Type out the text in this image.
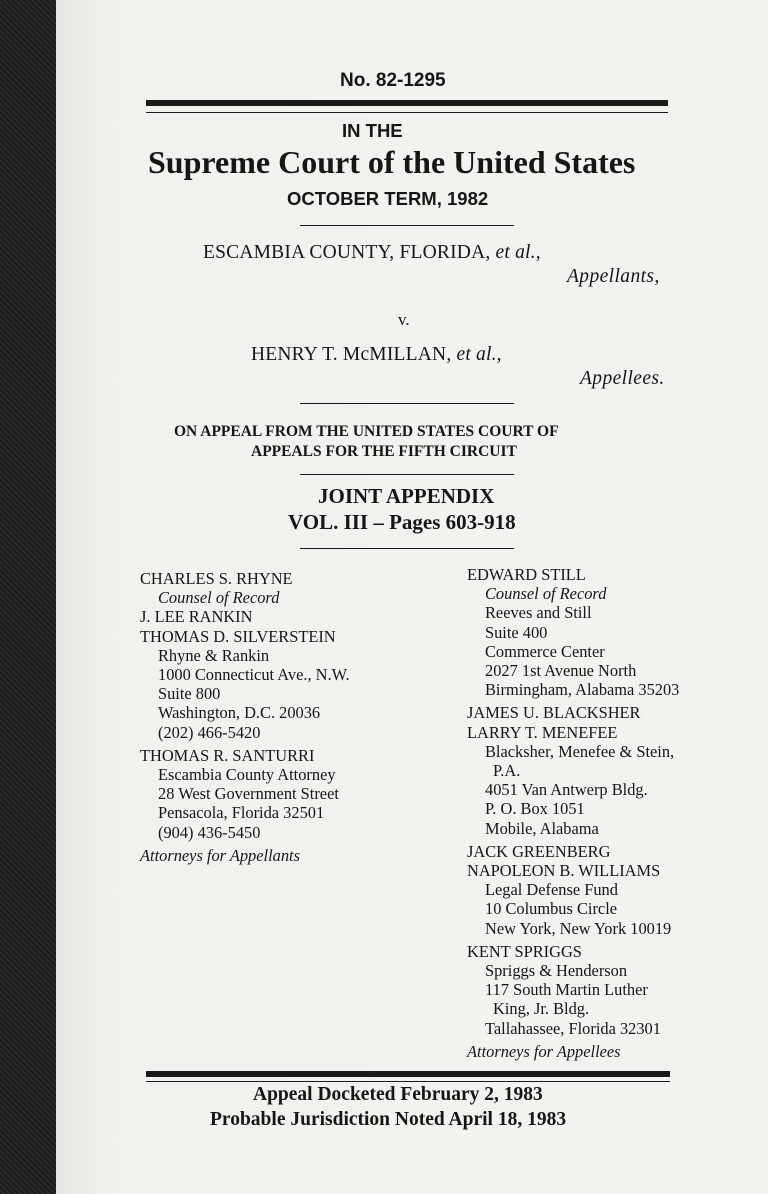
No. 82-1295
IN THE
Supreme Court of the United States
OCTOBER TERM, 1982
ESCAMBIA COUNTY, FLORIDA, et al.,
Appellants,
v.
HENRY T. McMILLAN, et al.,
Appellees.
ON APPEAL FROM THE UNITED STATES COURT OF
APPEALS FOR THE FIFTH CIRCUIT
JOINT APPENDIX
VOL. III – Pages 603-918
CHARLES S. RHYNE
Counsel of Record
J. LEE RANKIN
THOMAS D. SILVERSTEIN
Rhyne & Rankin
1000 Connecticut Ave., N.W.
Suite 800
Washington, D.C. 20036
(202) 466-5420
THOMAS R. SANTURRI
Escambia County Attorney
28 West Government Street
Pensacola, Florida 32501
(904) 436-5450
Attorneys for Appellants
EDWARD STILL
Counsel of Record
Reeves and Still
Suite 400
Commerce Center
2027 1st Avenue North
Birmingham, Alabama 35203
JAMES U. BLACKSHER
LARRY T. MENEFEE
Blacksher, Menefee & Stein,
P.A.
4051 Van Antwerp Bldg.
P. O. Box 1051
Mobile, Alabama
JACK GREENBERG
NAPOLEON B. WILLIAMS
Legal Defense Fund
10 Columbus Circle
New York, New York 10019
KENT SPRIGGS
Spriggs & Henderson
117 South Martin Luther
King, Jr. Bldg.
Tallahassee, Florida 32301
Attorneys for Appellees
Appeal Docketed February 2, 1983
Probable Jurisdiction Noted April 18, 1983
